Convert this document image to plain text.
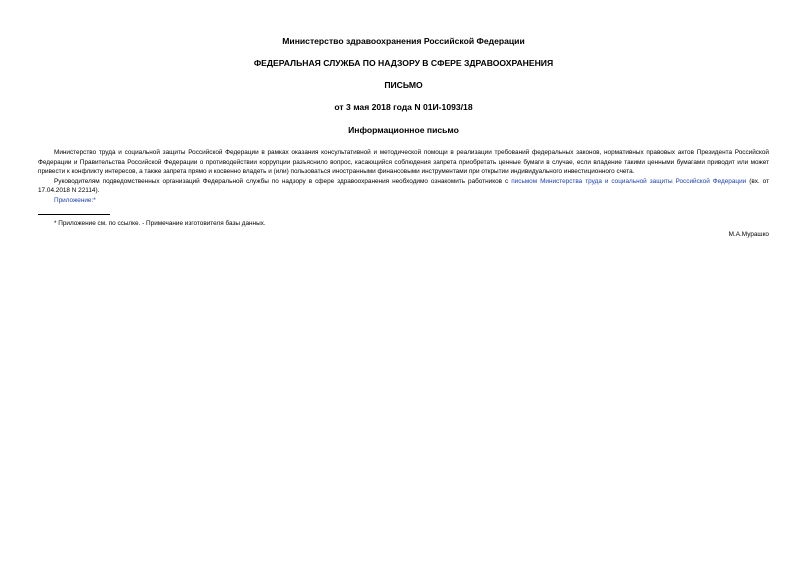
Министерство здравоохранения Российской Федерации
ФЕДЕРАЛЬНАЯ СЛУЖБА ПО НАДЗОРУ В СФЕРЕ ЗДРАВООХРАНЕНИЯ
ПИСЬМО
от 3 мая 2018 года N 01И-1093/18
Информационное письмо

Министерство труда и социальной защиты Российской Федерации в рамках оказания консультативной и методической помощи в реализации требований федеральных законов, нормативных правовых актов Президента Российской Федерации и Правительства Российской Федерации о противодействии коррупции разъяснило вопрос, касающийся соблюдения запрета приобретать ценные бумаги в случае, если владение такими ценными бумагами приводит или может привести к конфликту интересов, а также запрета прямо и косвенно владеть и (или) пользоваться иностранными финансовыми инструментами при открытии индивидуального инвестиционного счета.

Руководителям подведомственных организаций Федеральной службы по надзору в сфере здравоохранения необходимо ознакомить работников с письмом Министерства труда и социальной защиты Российской Федерации (вх. от 17.04.2018 N 22114).

Приложение:*

* Приложение см. по ссылке. - Примечание изготовителя базы данных.

М.А.Мурашко
